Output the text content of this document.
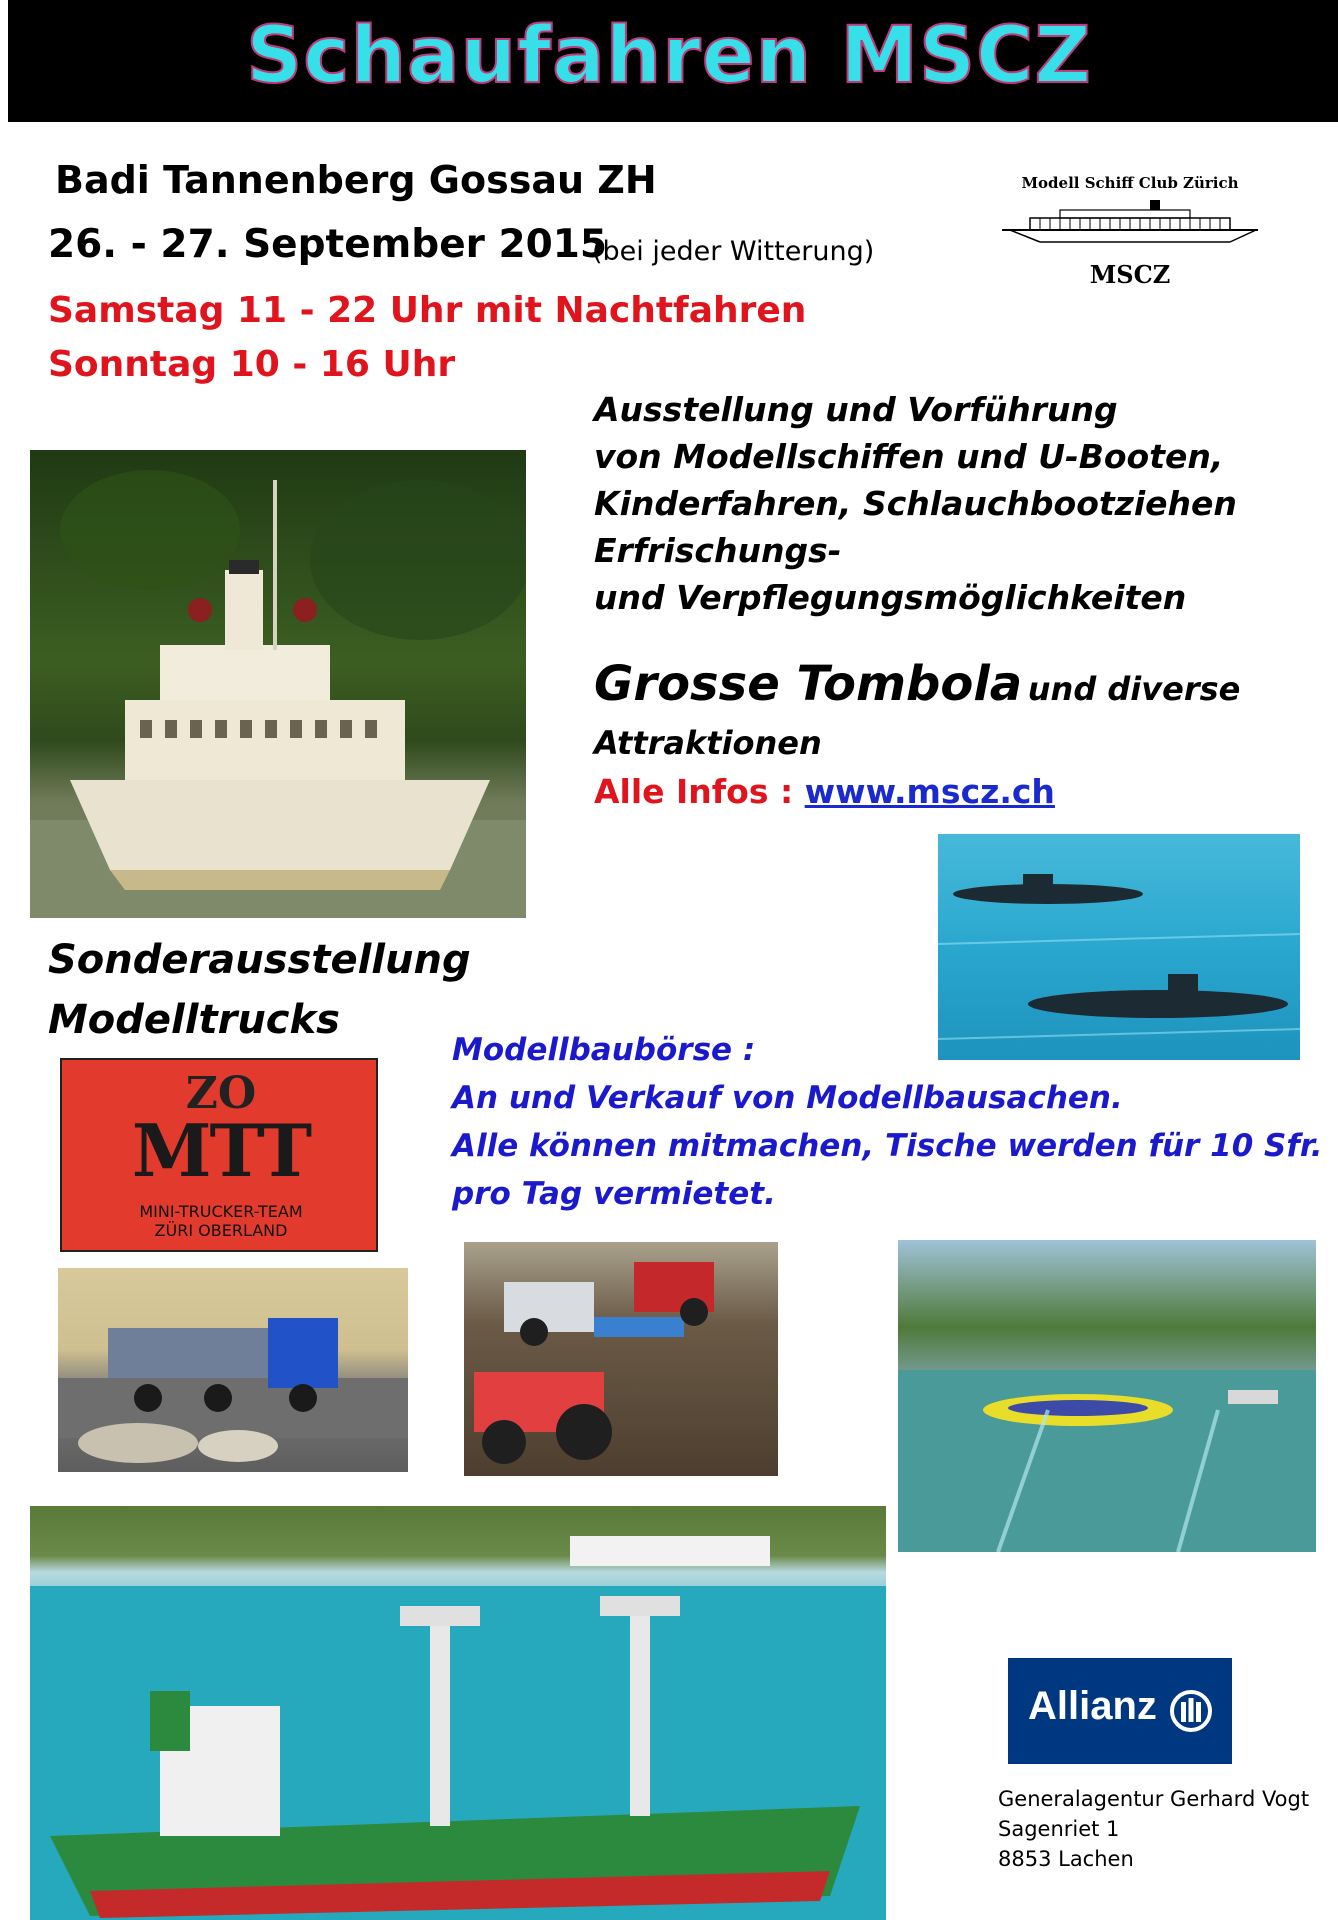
Schaufahren MSCZ
Badi Tannenberg Gossau ZH
26. - 27. September 2015
(bei jeder Witterung)
Samstag 11 - 22 Uhr mit Nachtfahren
Sonntag 10 - 16 Uhr
Modell Schiff Club Zürich
MSCZ
Ausstellung und Vorführung
von Modellschiffen und U-Booten,
Kinderfahren, Schlauchbootziehen
Erfrischungs-
und Verpflegungsmöglichkeiten
Grosse Tombola und diverse
Attraktionen
Alle Infos : www.mscz.ch
Sonderausstellung
Modelltrucks
Modellbaubörse :
An und Verkauf von Modellbausachen.
Alle können mitmachen, Tische werden für 10 Sfr.
pro Tag vermietet.
ZO
MTT
MINI-TRUCKER-TEAM
ZÜRI OBERLAND
Allianz
Generalagentur Gerhard Vogt
Sagenriet 1
8853 Lachen
